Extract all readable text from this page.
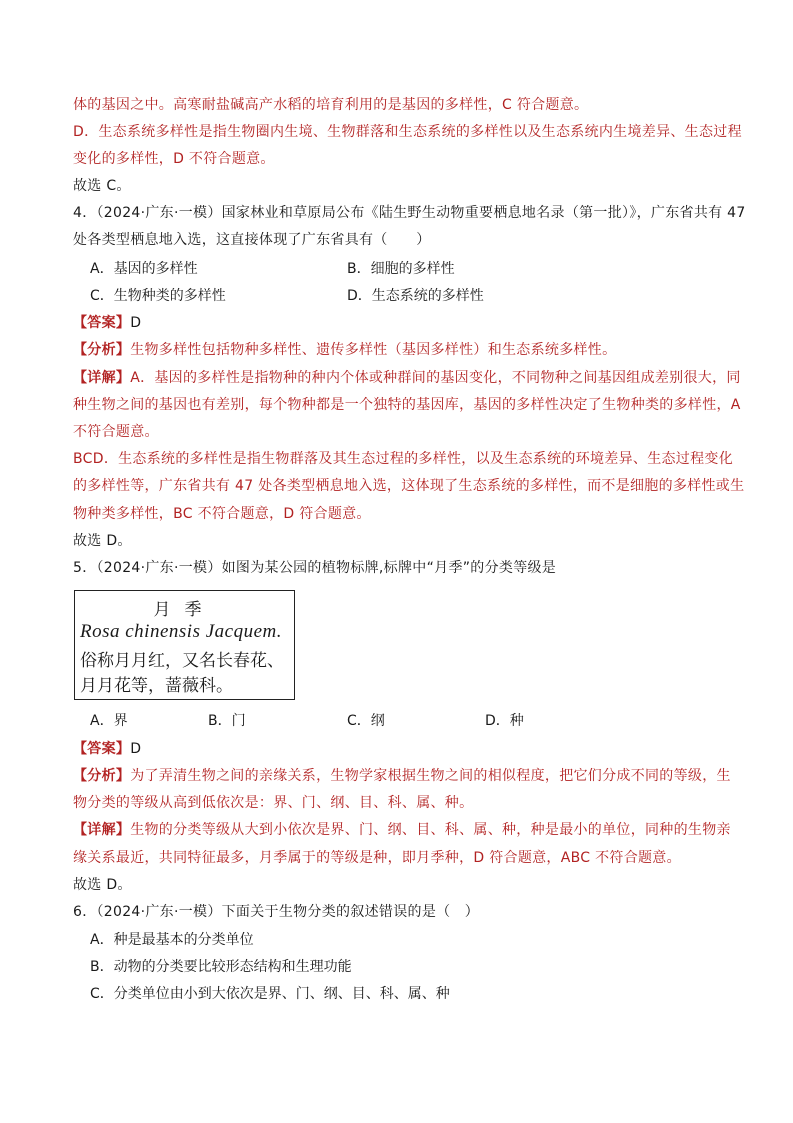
体的基因之中。高寒耐盐碱高产水稻的培育利用的是基因的多样性，C 符合题意。
D．生态系统多样性是指生物圈内生境、生物群落和生态系统的多样性以及生态系统内生境差异、生态过程
变化的多样性，D 不符合题意。
故选 C。
4．（2024·广东·一模）国家林业和草原局公布《陆生野生动物重要栖息地名录（第一批）》，广东省共有 47
处各类型栖息地入选，这直接体现了广东省具有（　　）
A．基因的多样性	B．细胞的多样性
C．生物种类的多样性	D．生态系统的多样性
【答案】D
【分析】生物多样性包括物种多样性、遗传多样性（基因多样性）和生态系统多样性。
【详解】A．基因的多样性是指物种的种内个体或种群间的基因变化，不同物种之间基因组成差别很大，同
种生物之间的基因也有差别，每个物种都是一个独特的基因库，基因的多样性决定了生物种类的多样性，A
不符合题意。
BCD．生态系统的多样性是指生物群落及其生态过程的多样性，以及生态系统的环境差异、生态过程变化
的多样性等，广东省共有 47 处各类型栖息地入选，这体现了生态系统的多样性，而不是细胞的多样性或生
物种类多样性，BC 不符合题意，D 符合题意。
故选 D。
5．（2024·广东·一模）如图为某公园的植物标牌,标牌中“月季”的分类等级是
月季
Rosa chinensis Jacquem.
俗称月月红，又名长春花、
月月花等，蔷薇科。
A．界	B．门	C．纲	D．种
【答案】D
【分析】为了弄清生物之间的亲缘关系，生物学家根据生物之间的相似程度，把它们分成不同的等级，生
物分类的等级从高到低依次是：界、门、纲、目、科、属、种。
【详解】生物的分类等级从大到小依次是界、门、纲、目、科、属、种，种是最小的单位，同种的生物亲
缘关系最近，共同特征最多，月季属于的等级是种，即月季种，D 符合题意，ABC 不符合题意。
故选 D。
6．（2024·广东·一模）下面关于生物分类的叙述错误的是（　）
A．种是最基本的分类单位
B．动物的分类要比较形态结构和生理功能
C．分类单位由小到大依次是界、门、纲、目、科、属、种
